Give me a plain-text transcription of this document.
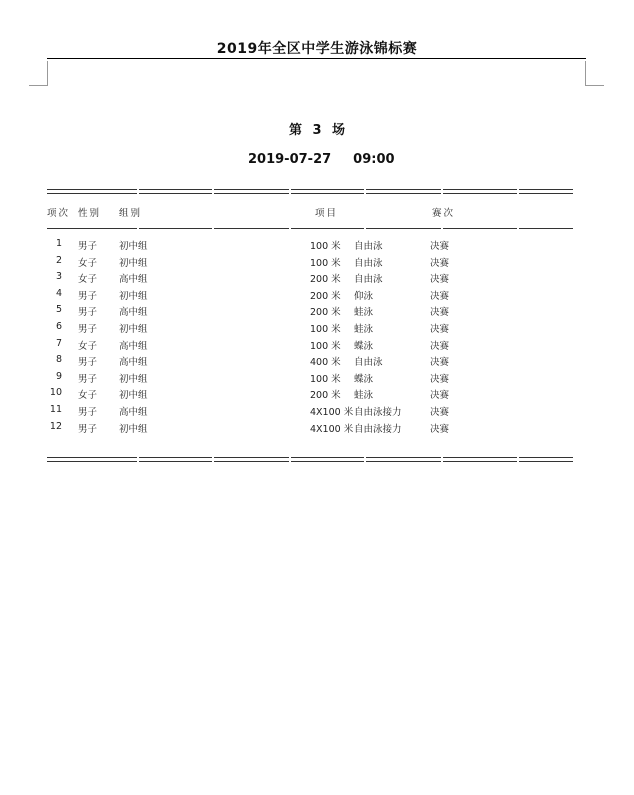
2019年全区中学生游泳锦标赛
第 3 场
2019-07-27 09:00
项次 性别 组别	项目	赛次
1 男子 初中组	100 米 自由泳	决赛
2 女子 初中组	100 米 自由泳	决赛
3 女子 高中组	200 米 自由泳	决赛
4 男子 初中组	200 米 仰泳	决赛
5 男子 高中组	200 米 蛙泳	决赛
6 男子 初中组	100 米 蛙泳	决赛
7 女子 高中组	100 米 蝶泳	决赛
8 男子 高中组	400 米 自由泳	决赛
9 男子 初中组	100 米 蝶泳	决赛
10 女子 初中组	200 米 蛙泳	决赛
11 男子 高中组	4X100 米 自由泳接力	决赛
12 男子 初中组	4X100 米 自由泳接力	决赛
